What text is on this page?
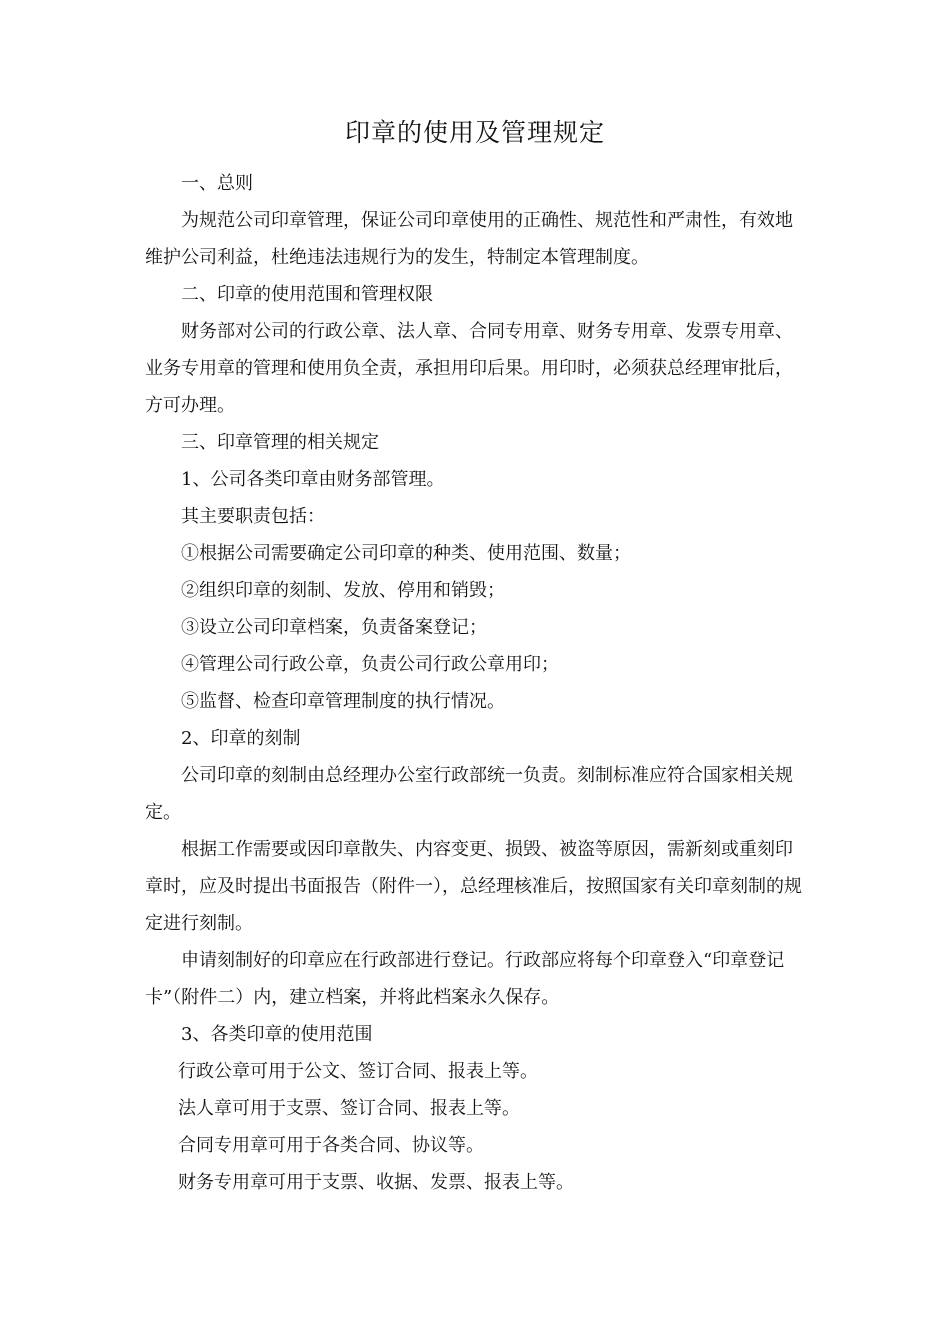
印章的使用及管理规定

一、总则

为规范公司印章管理，保证公司印章使用的正确性、规范性和严肃性，有效地维护公司利益，杜绝违法违规行为的发生，特制定本管理制度。

二、印章的使用范围和管理权限

财务部对公司的行政公章、法人章、合同专用章、财务专用章、发票专用章、业务专用章的管理和使用负全责，承担用印后果。用印时，必须获总经理审批后，方可办理。

三、印章管理的相关规定

1、公司各类印章由财务部管理。

其主要职责包括：

①根据公司需要确定公司印章的种类、使用范围、数量；

②组织印章的刻制、发放、停用和销毁；

③设立公司印章档案，负责备案登记；

④管理公司行政公章，负责公司行政公章用印；

⑤监督、检查印章管理制度的执行情况。

2、印章的刻制

公司印章的刻制由总经理办公室行政部统一负责。刻制标准应符合国家相关规定。

根据工作需要或因印章散失、内容变更、损毁、被盗等原因，需新刻或重刻印章时，应及时提出书面报告（附件一），总经理核准后，按照国家有关印章刻制的规定进行刻制。

申请刻制好的印章应在行政部进行登记。行政部应将每个印章登入“印章登记卡”（附件二）内，建立档案，并将此档案永久保存。

3、各类印章的使用范围

行政公章可用于公文、签订合同、报表上等。

法人章可用于支票、签订合同、报表上等。

合同专用章可用于各类合同、协议等。

财务专用章可用于支票、收据、发票、报表上等。
